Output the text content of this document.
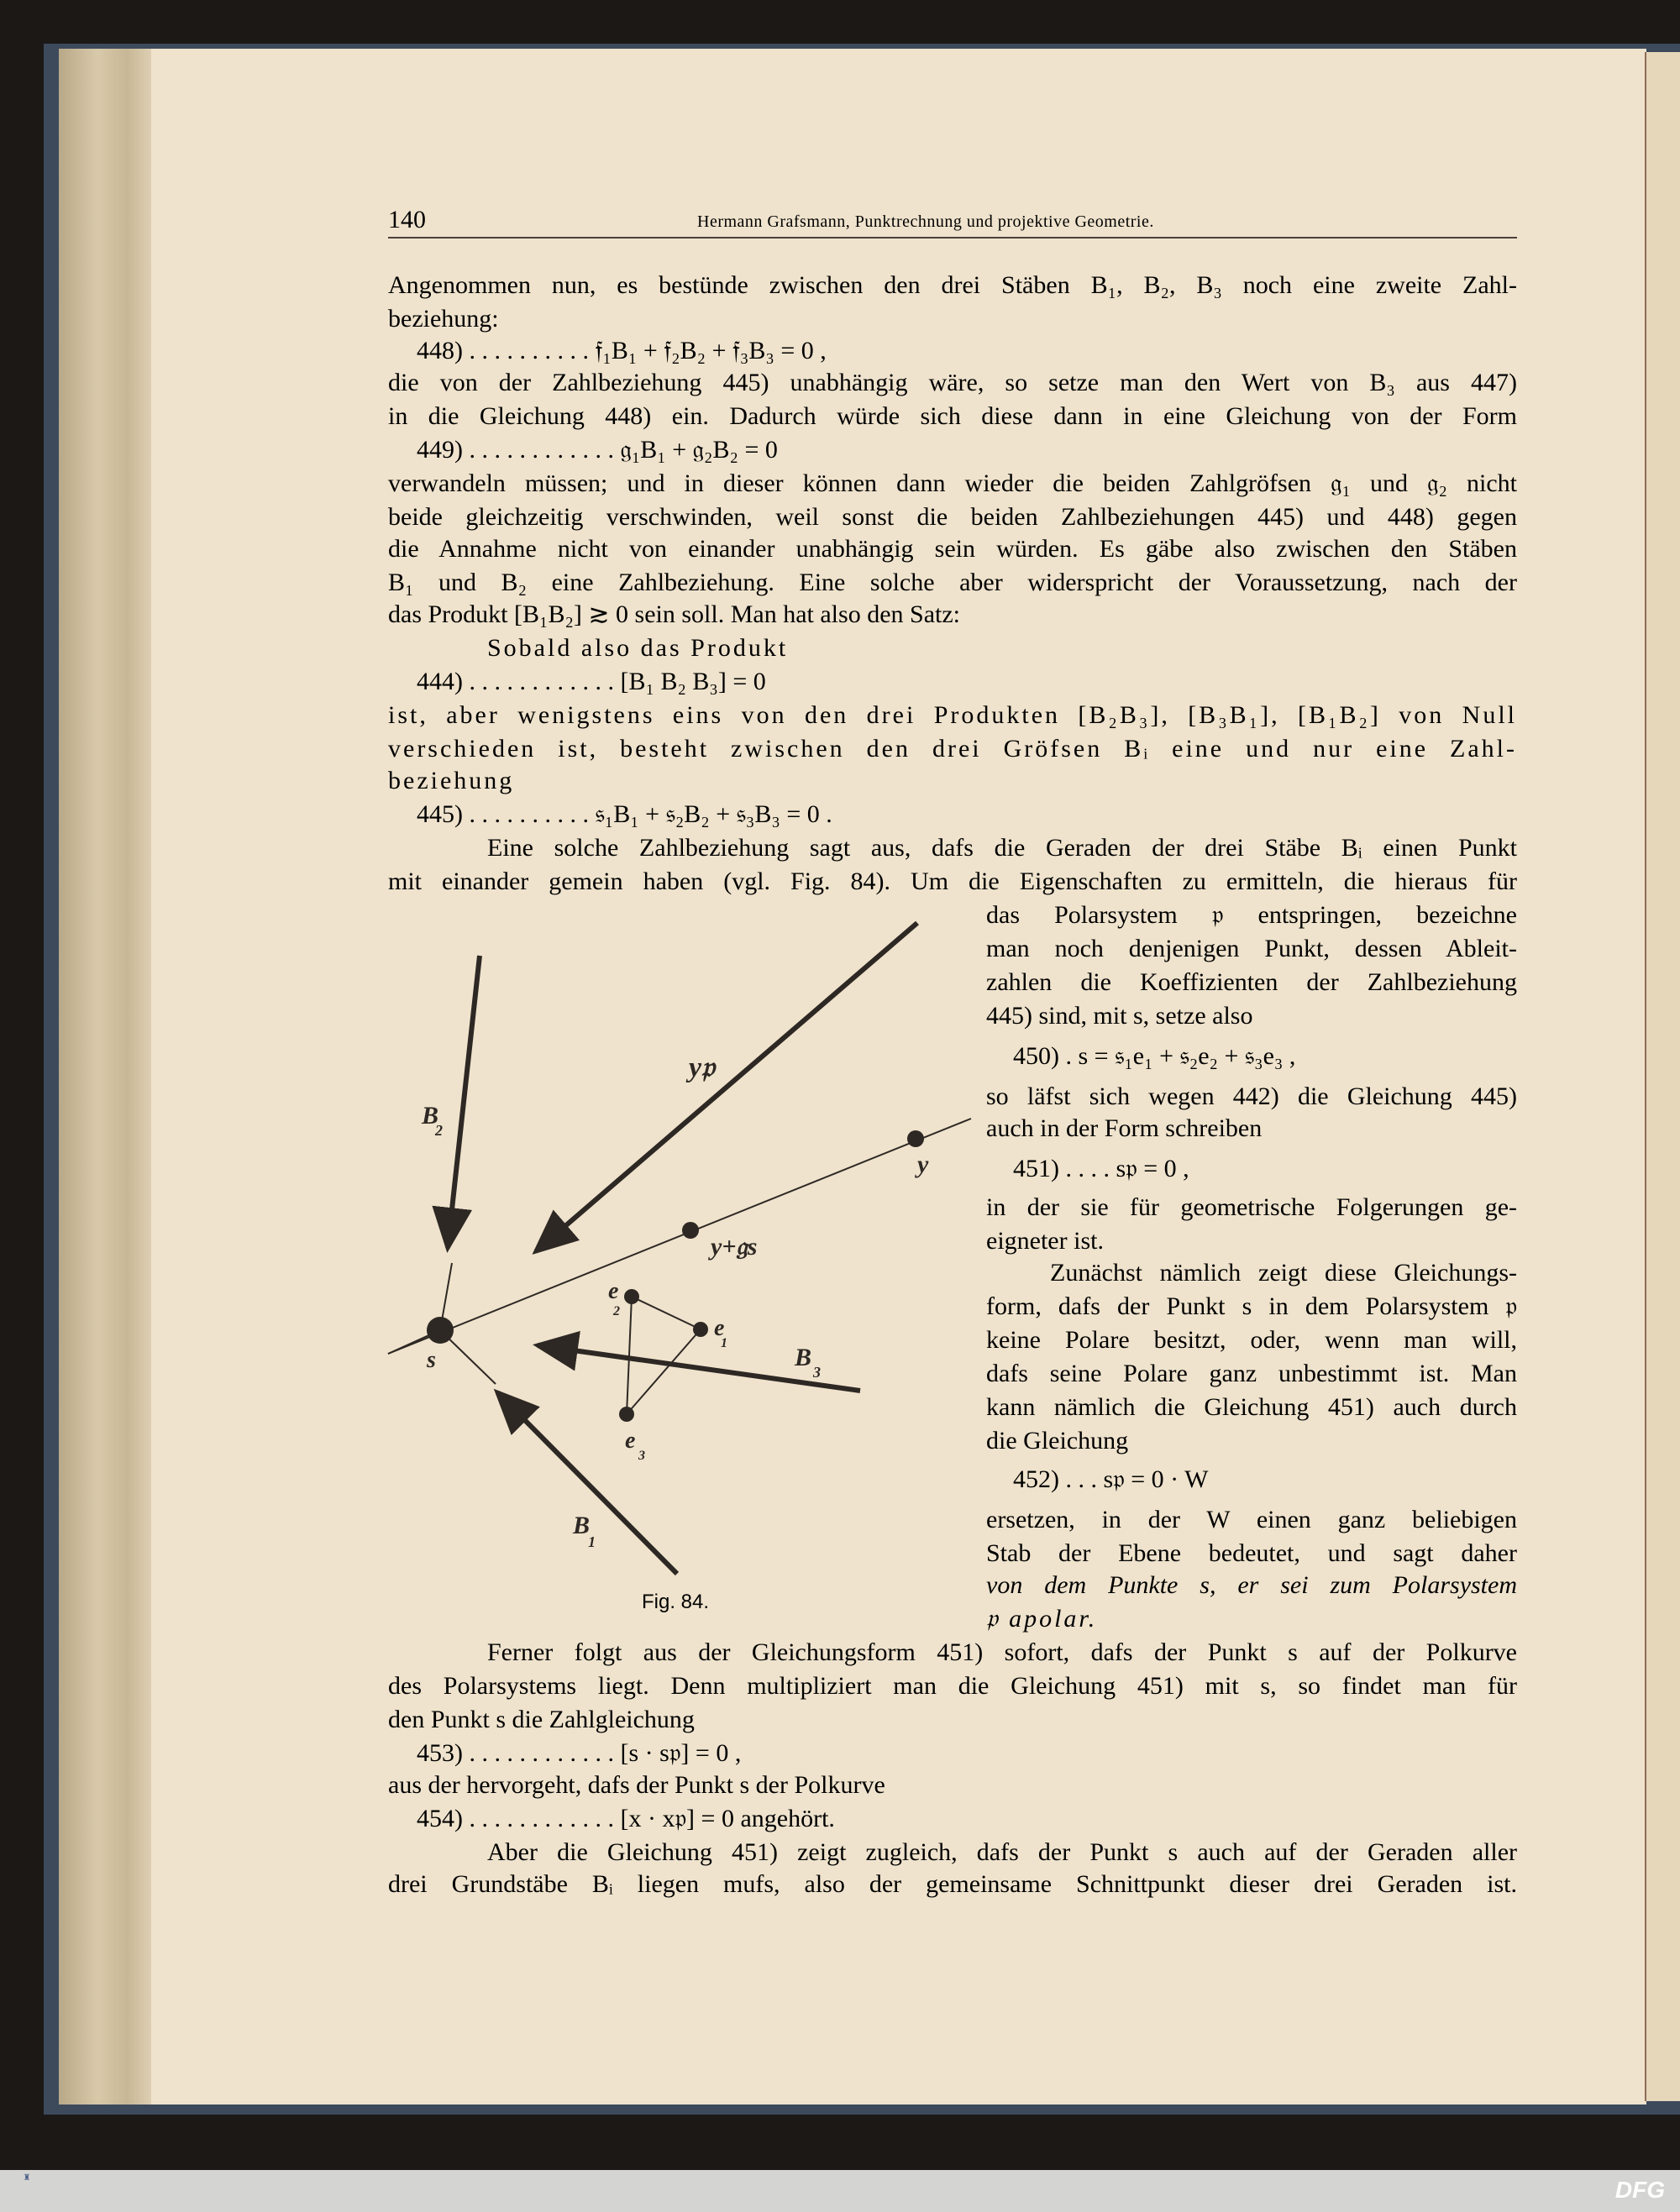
140	Hermann Grafsmann, Punktrechnung und projektive Geometrie.
Angenommen nun, es bestünde zwischen den drei Stäben B₁, B₂, B₃ noch eine zweite Zahl-
beziehung:
448) . . . . . . . . . . 𝔣₁B₁ + 𝔣₂B₂ + 𝔣₃B₃ = 0 ,
die von der Zahlbeziehung 445) unabhängig wäre, so setze man den Wert von B₃ aus 447)
in die Gleichung 448) ein. Dadurch würde sich diese dann in eine Gleichung von der Form
449) . . . . . . . . . . . . 𝔤₁B₁ + 𝔤₂B₂ = 0
verwandeln müssen; und in dieser können dann wieder die beiden Zahlgröfsen 𝔤₁ und 𝔤₂ nicht
beide gleichzeitig verschwinden, weil sonst die beiden Zahlbeziehungen 445) und 448) gegen
die Annahme nicht von einander unabhängig sein würden. Es gäbe also zwischen den Stäben
B₁ und B₂ eine Zahlbeziehung. Eine solche aber widerspricht der Voraussetzung, nach der
das Produkt [B₁B₂] ≳ 0 sein soll. Man hat also den Satz:
Sobald also das Produkt
444) . . . . . . . . . . . . [B₁ B₂ B₃] = 0
ist, aber wenigstens eins von den drei Produkten [B₂B₃], [B₃B₁], [B₁B₂] von Null
verschieden ist, besteht zwischen den drei Gröfsen Bᵢ eine und nur eine Zahl-
beziehung
445) . . . . . . . . . . 𝔰₁B₁ + 𝔰₂B₂ + 𝔰₃B₃ = 0 .
Eine solche Zahlbeziehung sagt aus, dafs die Geraden der drei Stäbe Bᵢ einen Punkt
mit einander gemein haben (vgl. Fig. 84). Um die Eigenschaften zu ermitteln, die hieraus für
das Polarsystem 𝔭 entspringen, bezeichne
man noch denjenigen Punkt, dessen Ableit-
zahlen die Koeffizienten der Zahlbeziehung
445) sind, mit s, setze also
450) . s = 𝔰₁e₁ + 𝔰₂e₂ + 𝔰₃e₃ ,
so läfst sich wegen 442) die Gleichung 445)
auch in der Form schreiben
451) . . . . s𝔭 = 0 ,
in der sie für geometrische Folgerungen ge-
eigneter ist.
Zunächst nämlich zeigt diese Gleichungs-
form, dafs der Punkt s in dem Polarsystem 𝔭
keine Polare besitzt, oder, wenn man will,
dafs seine Polare ganz unbestimmt ist. Man
kann nämlich die Gleichung 451) auch durch
die Gleichung
452) . . . s𝔭 = 0 · W
ersetzen, in der W einen ganz beliebigen
Stab der Ebene bedeutet, und sagt daher
von dem Punkte s, er sei zum Polarsystem
𝔭 apolar.
Ferner folgt aus der Gleichungsform 451) sofort, dafs der Punkt s auf der Polkurve
des Polarsystems liegt. Denn multipliziert man die Gleichung 451) mit s, so findet man für
den Punkt s die Zahlgleichung
453) . . . . . . . . . . . . [s · s𝔭] = 0 ,
aus der hervorgeht, dafs der Punkt s der Polkurve
454) . . . . . . . . . . . . [x · x𝔭] = 0 angehört.
Aber die Gleichung 451) zeigt zugleich, dafs der Punkt s auch auf der Geraden aller
drei Grundstäbe Bᵢ liegen mufs, also der gemeinsame Schnittpunkt dieser drei Geraden ist.
y𝔭
B
2
y
y+𝔤s
e
2
e
1
s	B
3
e
3
B
1
Fig. 84.
♜	DFG
